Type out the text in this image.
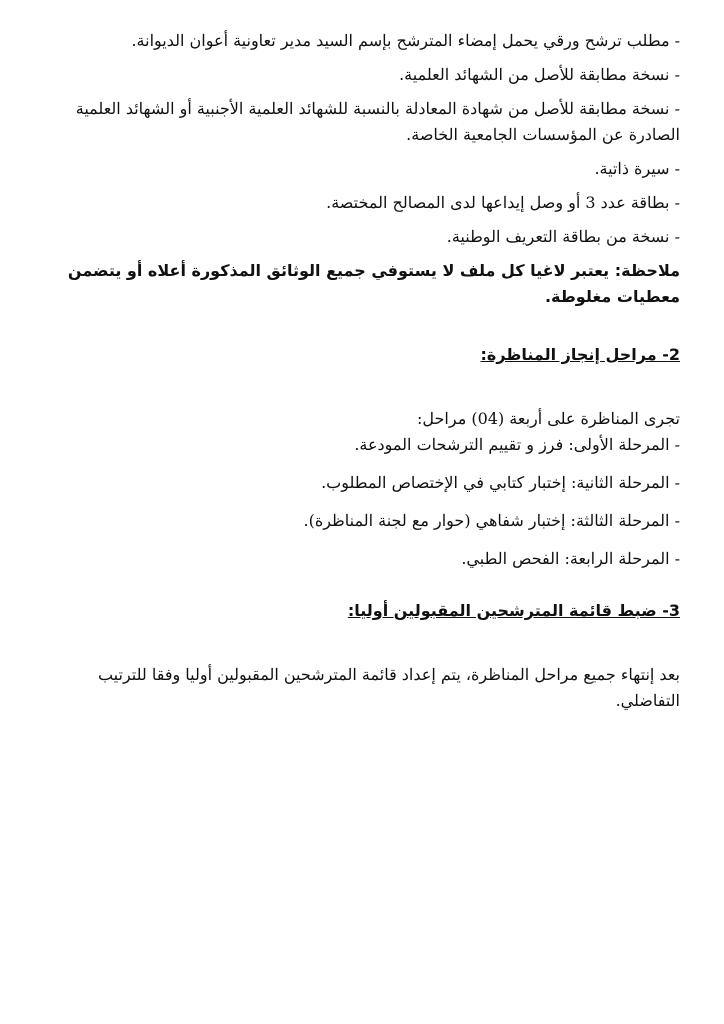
- مطلب ترشح ورقي يحمل إمضاء المترشح بإسم السيد مدير تعاونية أعوان الديوانة.

- نسخة مطابقة للأصل من الشهائد العلمية.

- نسخة مطابقة للأصل من شهادة المعادلة بالنسبة للشهائد العلمية الأجنبية أو الشهائد العلمية الصادرة عن المؤسسات الجامعية الخاصة.

- سيرة ذاتية.

- بطاقة عدد 3 أو وصل إيداعها لدى المصالح المختصة.

- نسخة من بطاقة التعريف الوطنية.

ملاحظة: يعتبر لاغيا كل ملف لا يستوفي جميع الوثائق المذكورة أعلاه أو يتضمن معطيات مغلوطة.

2- مراحل إنجاز المناظرة:

تجرى المناظرة على أربعة (04) مراحل:

- المرحلة الأولى: فرز و تقييم الترشحات المودعة.

- المرحلة الثانية: إختبار كتابي في الإختصاص المطلوب.

- المرحلة الثالثة: إختبار شفاهي (حوار مع لجنة المناظرة).

- المرحلة الرابعة: الفحص الطبي.

3- ضبط قائمة المترشحين المقبولين أوليا:

بعد إنتهاء جميع مراحل المناظرة، يتم إعداد قائمة المترشحين المقبولين أوليا وفقا للترتيب التفاضلي.
